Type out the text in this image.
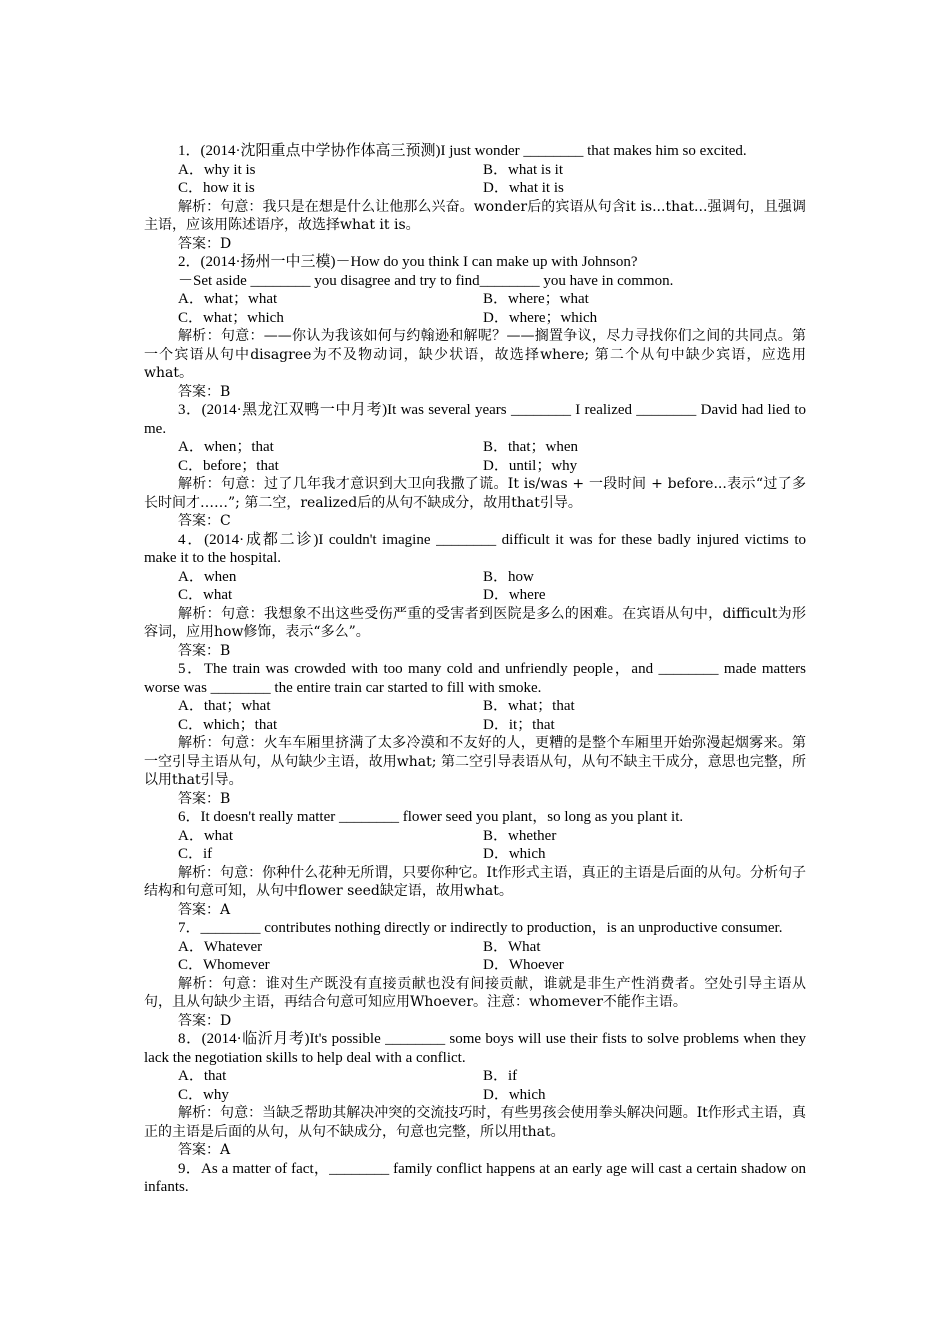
1．(2014·沈阳重点中学协作体高三预测)I just wonder ________ that makes him so excited.
A．why it is	B．what is it
C．how it is	D．what it is
解析：句意：我只是在想是什么让他那么兴奋。wonder后的宾语从句含it is...that...强调句，且强调主语，应该用陈述语序，故选择what it is。
答案：D
2．(2014·扬州一中三模)－How do you think I can make up with Johnson?
－Set aside ________ you disagree and try to find________ you have in common.
A．what；what	B．where；what
C．what；which	D．where；which
解析：句意：——你认为我该如何与约翰逊和解呢？——搁置争议，尽力寻找你们之间的共同点。第一个宾语从句中disagree为不及物动词，缺少状语，故选择where; 第二个从句中缺少宾语，应选用what。
答案：B
3．(2014·黑龙江双鸭一中月考)It was several years ________ I realized ________ David had lied to me.
A．when；that	B．that；when
C．before；that	D．until；why
解析：句意：过了几年我才意识到大卫向我撒了谎。It is/was + 一段时间 + before...表示“过了多长时间才……”; 第二空，realized后的从句不缺成分，故用that引导。
答案：C
4．(2014·成都二诊)I couldn't imagine ________ difficult it was for these badly injured victims to make it to the hospital.
A．when	B．how
C．what	D．where
解析：句意：我想象不出这些受伤严重的受害者到医院是多么的困难。在宾语从句中，difficult为形容词，应用how修饰，表示“多么”。
答案：B
5．The train was crowded with too many cold and unfriendly people，and ________ made matters worse was ________ the entire train car started to fill with smoke.
A．that；what	B．what；that
C．which；that	D．it；that
解析：句意：火车车厢里挤满了太多冷漠和不友好的人，更糟的是整个车厢里开始弥漫起烟雾来。第一空引导主语从句，从句缺少主语，故用what; 第二空引导表语从句，从句不缺主干成分，意思也完整，所以用that引导。
答案：B
6．It doesn't really matter ________ flower seed you plant，so long as you plant it.
A．what	B．whether
C．if	D．which
解析：句意：你种什么花种无所谓，只要你种它。It作形式主语，真正的主语是后面的从句。分析句子结构和句意可知，从句中flower seed缺定语，故用what。
答案：A
7．________ contributes nothing directly or indirectly to production，is an unproductive consumer.
A．Whatever	B．What
C．Whomever	D．Whoever
解析：句意：谁对生产既没有直接贡献也没有间接贡献，谁就是非生产性消费者。空处引导主语从句，且从句缺少主语，再结合句意可知应用Whoever。注意：whomever不能作主语。
答案：D
8．(2014·临沂月考)It's possible ________ some boys will use their fists to solve problems when they lack the negotiation skills to help deal with a conflict.
A．that	B．if
C．why	D．which
解析：句意：当缺乏帮助其解决冲突的交流技巧时，有些男孩会使用拳头解决问题。It作形式主语，真正的主语是后面的从句，从句不缺成分，句意也完整，所以用that。
答案：A
9．As a matter of fact，________ family conflict happens at an early age will cast a certain shadow on infants.
